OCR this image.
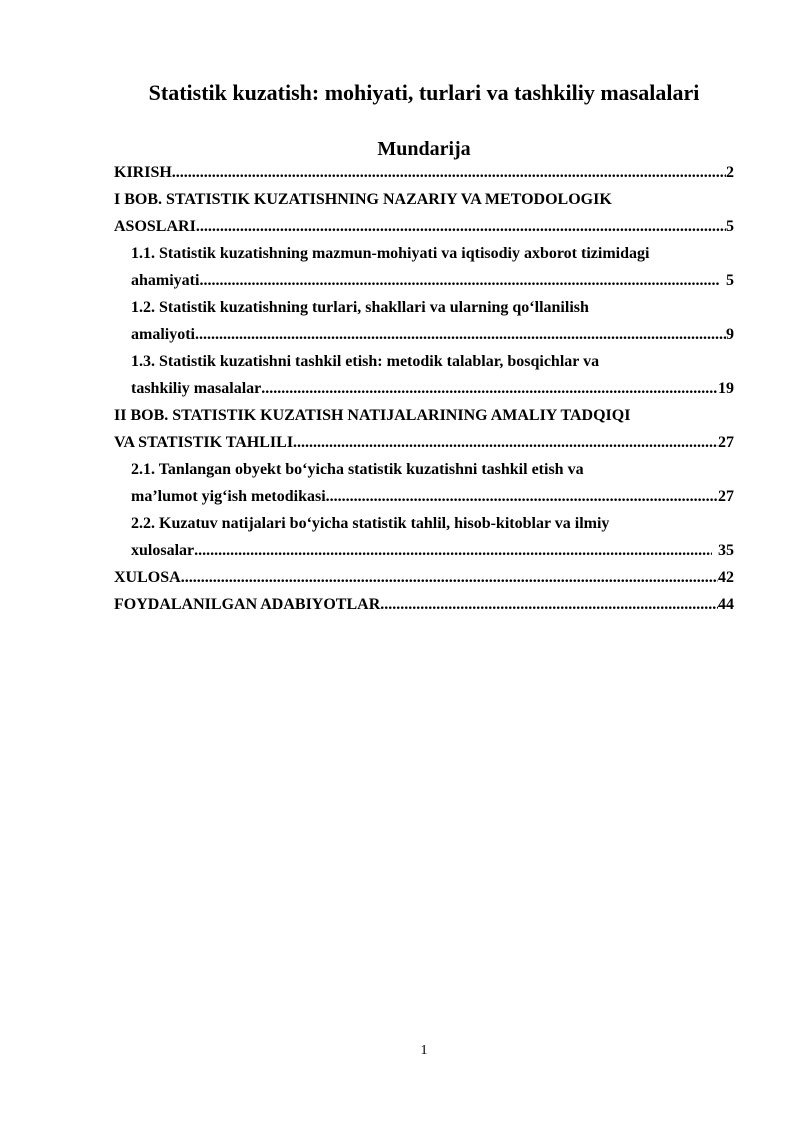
Statistik kuzatish: mohiyati, turlari va tashkiliy masalalari
Mundarija
KIRISH .....	2
I BOB. STATISTIK KUZATISHNING NAZARIY VA METODOLOGIK
ASOSLARI .....	5
1.1. Statistik kuzatishning mazmun-mohiyati va iqtisodiy axborot tizimidagi
ahamiyati .....	5
1.2. Statistik kuzatishning turlari, shakllari va ularning qo‘llanilish
amaliyoti .....	9
1.3. Statistik kuzatishni tashkil etish: metodik talablar, bosqichlar va
tashkiliy masalalar .....	19
II BOB. STATISTIK KUZATISH NATIJALARINING AMALIY TADQIQI
VA STATISTIK TAHLILI .....	27
2.1. Tanlangan obyekt bo‘yicha statistik kuzatishni tashkil etish va
ma’lumot yig‘ish metodikasi .....	27
2.2. Kuzatuv natijalari bo‘yicha statistik tahlil, hisob-kitoblar va ilmiy
xulosalar .....	35
XULOSA .....	42
FOYDALANILGAN ADABIYOTLAR .....	44
1
